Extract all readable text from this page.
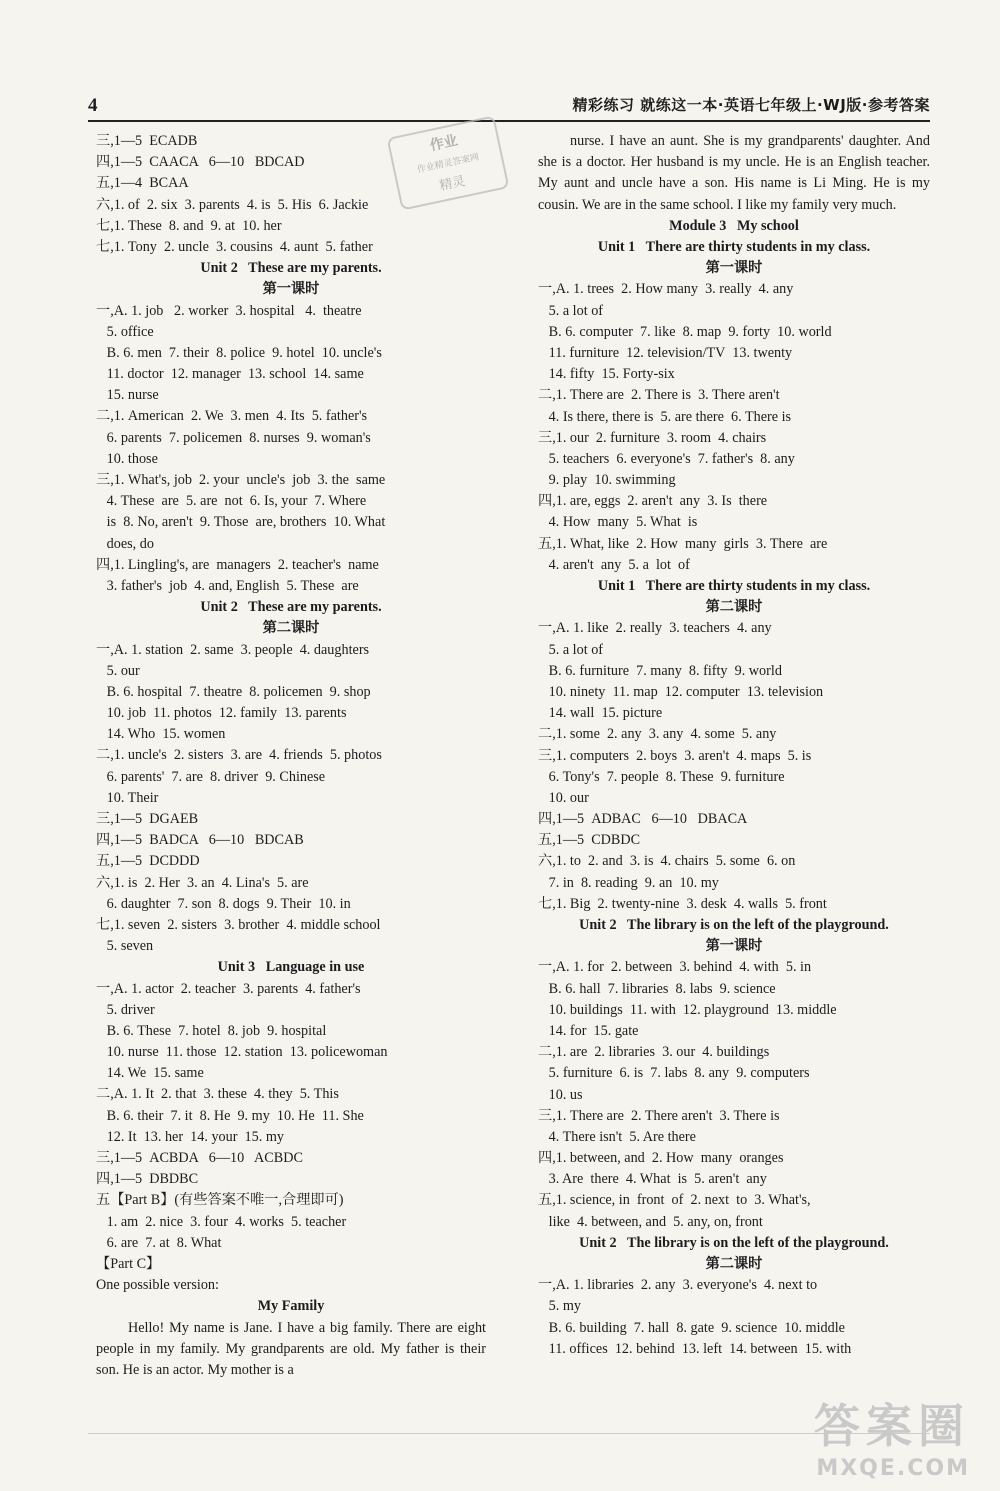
4	精彩练习 就练这一本·英语七年级上·WJ版·参考答案
作业
作业精灵答案网
精灵
三,1—5  ECADB
四,1—5  CAACA   6—10   BDCAD
五,1—4  BCAA
六,1. of  2. six  3. parents  4. is  5. His  6. Jackie
七,1. These  8. and  9. at  10. her
七,1. Tony  2. uncle  3. cousins  4. aunt  5. father
Unit 2   These are my parents.
第一课时
一,A. 1. job   2. worker  3. hospital   4.  theatre
5. office
B. 6. men  7. their  8. police  9. hotel  10. uncle's
11. doctor  12. manager  13. school  14. same
15. nurse
二,1. American  2. We  3. men  4. Its  5. father's
6. parents  7. policemen  8. nurses  9. woman's
10. those
三,1. What's, job  2. your  uncle's  job  3. the  same
4. These  are  5. are  not  6. Is, your  7. Where
is  8. No, aren't  9. Those  are, brothers  10. What
does, do
四,1. Lingling's, are  managers  2. teacher's  name
3. father's  job  4. and, English  5. These  are
Unit 2   These are my parents.
第二课时
一,A. 1. station  2. same  3. people  4. daughters
5. our
B. 6. hospital  7. theatre  8. policemen  9. shop
10. job  11. photos  12. family  13. parents
14. Who  15. women
二,1. uncle's  2. sisters  3. are  4. friends  5. photos
6. parents'  7. are  8. driver  9. Chinese
10. Their
三,1—5  DGAEB
四,1—5  BADCA   6—10   BDCAB
五,1—5  DCDDD
六,1. is  2. Her  3. an  4. Lina's  5. are
6. daughter  7. son  8. dogs  9. Their  10. in
七,1. seven  2. sisters  3. brother  4. middle school
5. seven
Unit 3   Language in use
一,A. 1. actor  2. teacher  3. parents  4. father's
5. driver
B. 6. These  7. hotel  8. job  9. hospital
10. nurse  11. those  12. station  13. policewoman
14. We  15. same
二,A. 1. It  2. that  3. these  4. they  5. This
B. 6. their  7. it  8. He  9. my  10. He  11. She
12. It  13. her  14. your  15. my
三,1—5  ACBDA   6—10   ACBDC
四,1—5  DBDBC
五【Part B】(有些答案不唯一,合理即可)
1. am  2. nice  3. four  4. works  5. teacher
6. are  7. at  8. What
【Part C】
One possible version:
My Family

Hello! My name is Jane. I have a big family. There are eight people in my family. My grandparents are old. My father is their son. He is an actor. My mother is a

nurse. I have an aunt. She is my grandparents' daughter. And she is a doctor. Her husband is my uncle. He is an English teacher. My aunt and uncle have a son. His name is Li Ming. He is my cousin. We are in the same school. I like my family very much.

Module 3   My school
Unit 1   There are thirty students in my class.
第一课时
一,A. 1. trees  2. How many  3. really  4. any
5. a lot of
B. 6. computer  7. like  8. map  9. forty  10. world
11. furniture  12. television/TV  13. twenty
14. fifty  15. Forty-six
二,1. There are  2. There is  3. There aren't
4. Is there, there is  5. are there  6. There is
三,1. our  2. furniture  3. room  4. chairs
5. teachers  6. everyone's  7. father's  8. any
9. play  10. swimming
四,1. are, eggs  2. aren't  any  3. Is  there
4. How  many  5. What  is
五,1. What, like  2. How  many  girls  3. There  are
4. aren't  any  5. a  lot  of
Unit 1   There are thirty students in my class.
第二课时
一,A. 1. like  2. really  3. teachers  4. any
5. a lot of
B. 6. furniture  7. many  8. fifty  9. world
10. ninety  11. map  12. computer  13. television
14. wall  15. picture
二,1. some  2. any  3. any  4. some  5. any
三,1. computers  2. boys  3. aren't  4. maps  5. is
6. Tony's  7. people  8. These  9. furniture
10. our
四,1—5  ADBAC   6—10   DBACA
五,1—5  CDBDC
六,1. to  2. and  3. is  4. chairs  5. some  6. on
7. in  8. reading  9. an  10. my
七,1. Big  2. twenty-nine  3. desk  4. walls  5. front
Unit 2   The library is on the left of the playground.
第一课时
一,A. 1. for  2. between  3. behind  4. with  5. in
B. 6. hall  7. libraries  8. labs  9. science
10. buildings  11. with  12. playground  13. middle
14. for  15. gate
二,1. are  2. libraries  3. our  4. buildings
5. furniture  6. is  7. labs  8. any  9. computers
10. us
三,1. There are  2. There aren't  3. There is
4. There isn't  5. Are there
四,1. between, and  2. How  many  oranges
3. Are  there  4. What  is  5. aren't  any
五,1. science, in  front  of  2. next  to  3. What's,
like  4. between, and  5. any, on, front
Unit 2   The library is on the left of the playground.
第二课时
一,A. 1. libraries  2. any  3. everyone's  4. next to
5. my
B. 6. building  7. hall  8. gate  9. science  10. middle
11. offices  12. behind  13. left  14. between  15. with
答案圈
MXQE.COM
